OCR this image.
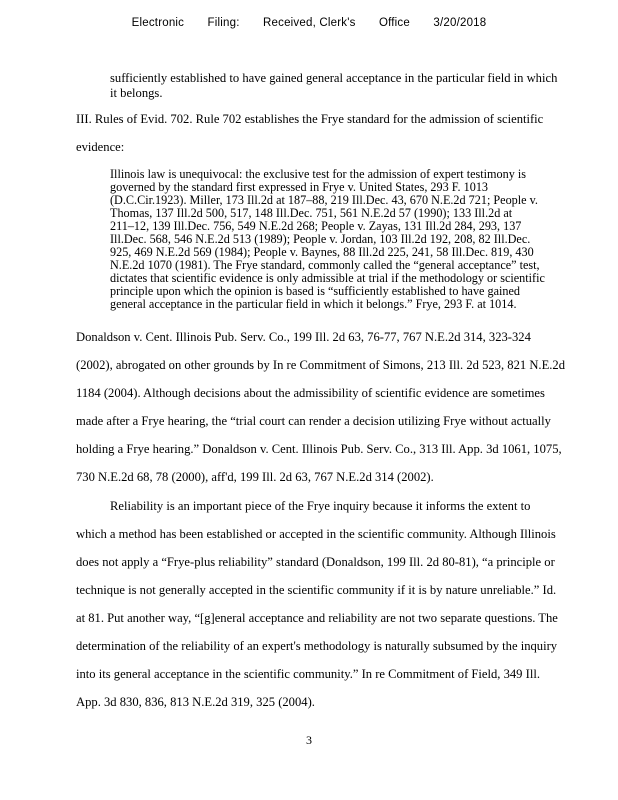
Electronic Filing: Received, Clerk's Office 3/20/2018
sufficiently established to have gained general acceptance in the particular field in which
it belongs.
III. Rules of Evid. 702. Rule 702 establishes the Frye standard for the admission of scientific
evidence:
Illinois law is unequivocal: the exclusive test for the admission of expert testimony is
governed by the standard first expressed in Frye v. United States, 293 F. 1013
(D.C.Cir.1923). Miller, 173 Ill.2d at 187–88, 219 Ill.Dec. 43, 670 N.E.2d 721; People v.
Thomas, 137 Ill.2d 500, 517, 148 Ill.Dec. 751, 561 N.E.2d 57 (1990); 133 Ill.2d at
211–12, 139 Ill.Dec. 756, 549 N.E.2d 268; People v. Zayas, 131 Ill.2d 284, 293, 137
Ill.Dec. 568, 546 N.E.2d 513 (1989); People v. Jordan, 103 Ill.2d 192, 208, 82 Ill.Dec.
925, 469 N.E.2d 569 (1984); People v. Baynes, 88 Ill.2d 225, 241, 58 Ill.Dec. 819, 430
N.E.2d 1070 (1981). The Frye standard, commonly called the “general acceptance” test,
dictates that scientific evidence is only admissible at trial if the methodology or scientific
principle upon which the opinion is based is “sufficiently established to have gained
general acceptance in the particular field in which it belongs.” Frye, 293 F. at 1014.
Donaldson v. Cent. Illinois Pub. Serv. Co., 199 Ill. 2d 63, 76-77, 767 N.E.2d 314, 323-324
(2002), abrogated on other grounds by In re Commitment of Simons, 213 Ill. 2d 523, 821 N.E.2d
1184 (2004). Although decisions about the admissibility of scientific evidence are sometimes
made after a Frye hearing, the “trial court can render a decision utilizing Frye without actually
holding a Frye hearing.” Donaldson v. Cent. Illinois Pub. Serv. Co., 313 Ill. App. 3d 1061, 1075,
730 N.E.2d 68, 78 (2000), aff'd, 199 Ill. 2d 63, 767 N.E.2d 314 (2002).
Reliability is an important piece of the Frye inquiry because it informs the extent to
which a method has been established or accepted in the scientific community. Although Illinois
does not apply a “Frye-plus reliability” standard (Donaldson, 199 Ill. 2d 80-81), “a principle or
technique is not generally accepted in the scientific community if it is by nature unreliable.” Id.
at 81. Put another way, “[g]eneral acceptance and reliability are not two separate questions. The
determination of the reliability of an expert's methodology is naturally subsumed by the inquiry
into its general acceptance in the scientific community.” In re Commitment of Field, 349 Ill.
App. 3d 830, 836, 813 N.E.2d 319, 325 (2004).
3
